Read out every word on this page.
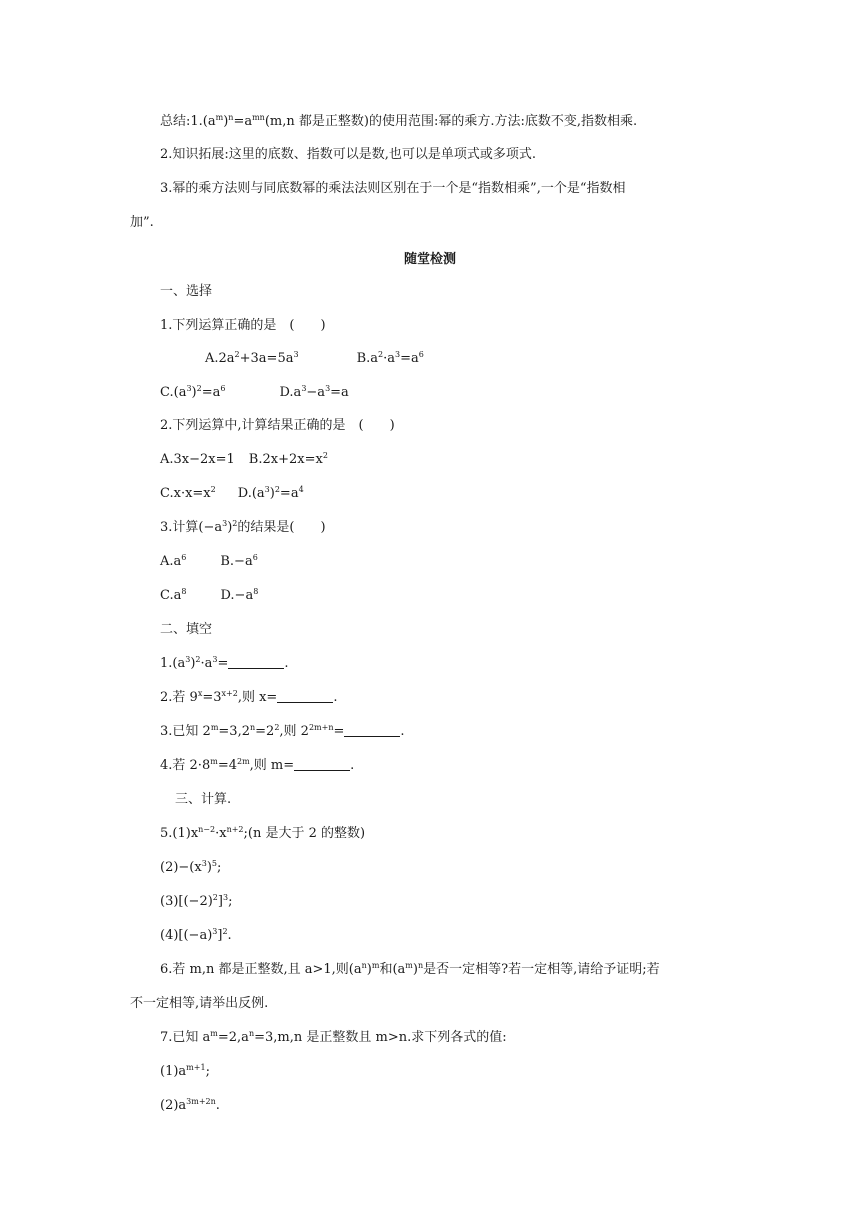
总结$:1.(a^m)^n=a^{mn}(m,n$ 都是正整数)的使用范围:幂的乘方.方法:底数不变,指数相乘.
2.知识拓展:这里的底数、指数可以是数,也可以是单项式或多项式.
3.幂的乘方法则与同底数幂的乘法法则区别在于一个是“指数相乘”,一个是“指数相
加”.
随堂检测
一、选择
1.下列运算正确的是　(　　)
$A.2a^2+3a=5a^3$	$B.a^2\cdot a^3=a^6$
$C.(a^3)^2=a^6$	$D.a^3-a^3=a$
2.下列运算中,计算结果正确的是　(　　)
A.3x−2x=1 $B.2x+2x=x^2$
$C.x\cdot x=x^2$ $D.(a^3)^2=a^4$
3.计算$(-a^3)^2$的结果是(　　)
$A.a^6$	$B.-a^6$
$C.a^8$	$D.-a^8$
二、填空
$1.(a^3)^2\cdot a^3=$	.
2.若 $9^x=3^{x+2}$,则 x=	.
3.已知 $2^m=3,2^n=2^2$,则 $2^{2m+n}=$	.
4.若 $2\cdot 8^m=4^{2m}$,则 m=	.
三、计算.
$5.(1)x^{n-2}\cdot x^{n+2};(n$ 是大于 2 的整数)
$(2)-(x^3)^5$;
$(3)[(-2)^2]^3$;
$(4)[(-a)^3]^2$.
6.若 m,n 都是正整数,且 a>1,则$(a^n)^m$和$(a^m)^n$是否一定相等?若一定相等,请给予证明;若
不一定相等,请举出反例.
7.已知 $a^m=2,a^n=3,m,n$ 是正整数且 m>n.求下列各式的值:
$(1)a^{m+1}$;
$(2)a^{3m+2n}$.
